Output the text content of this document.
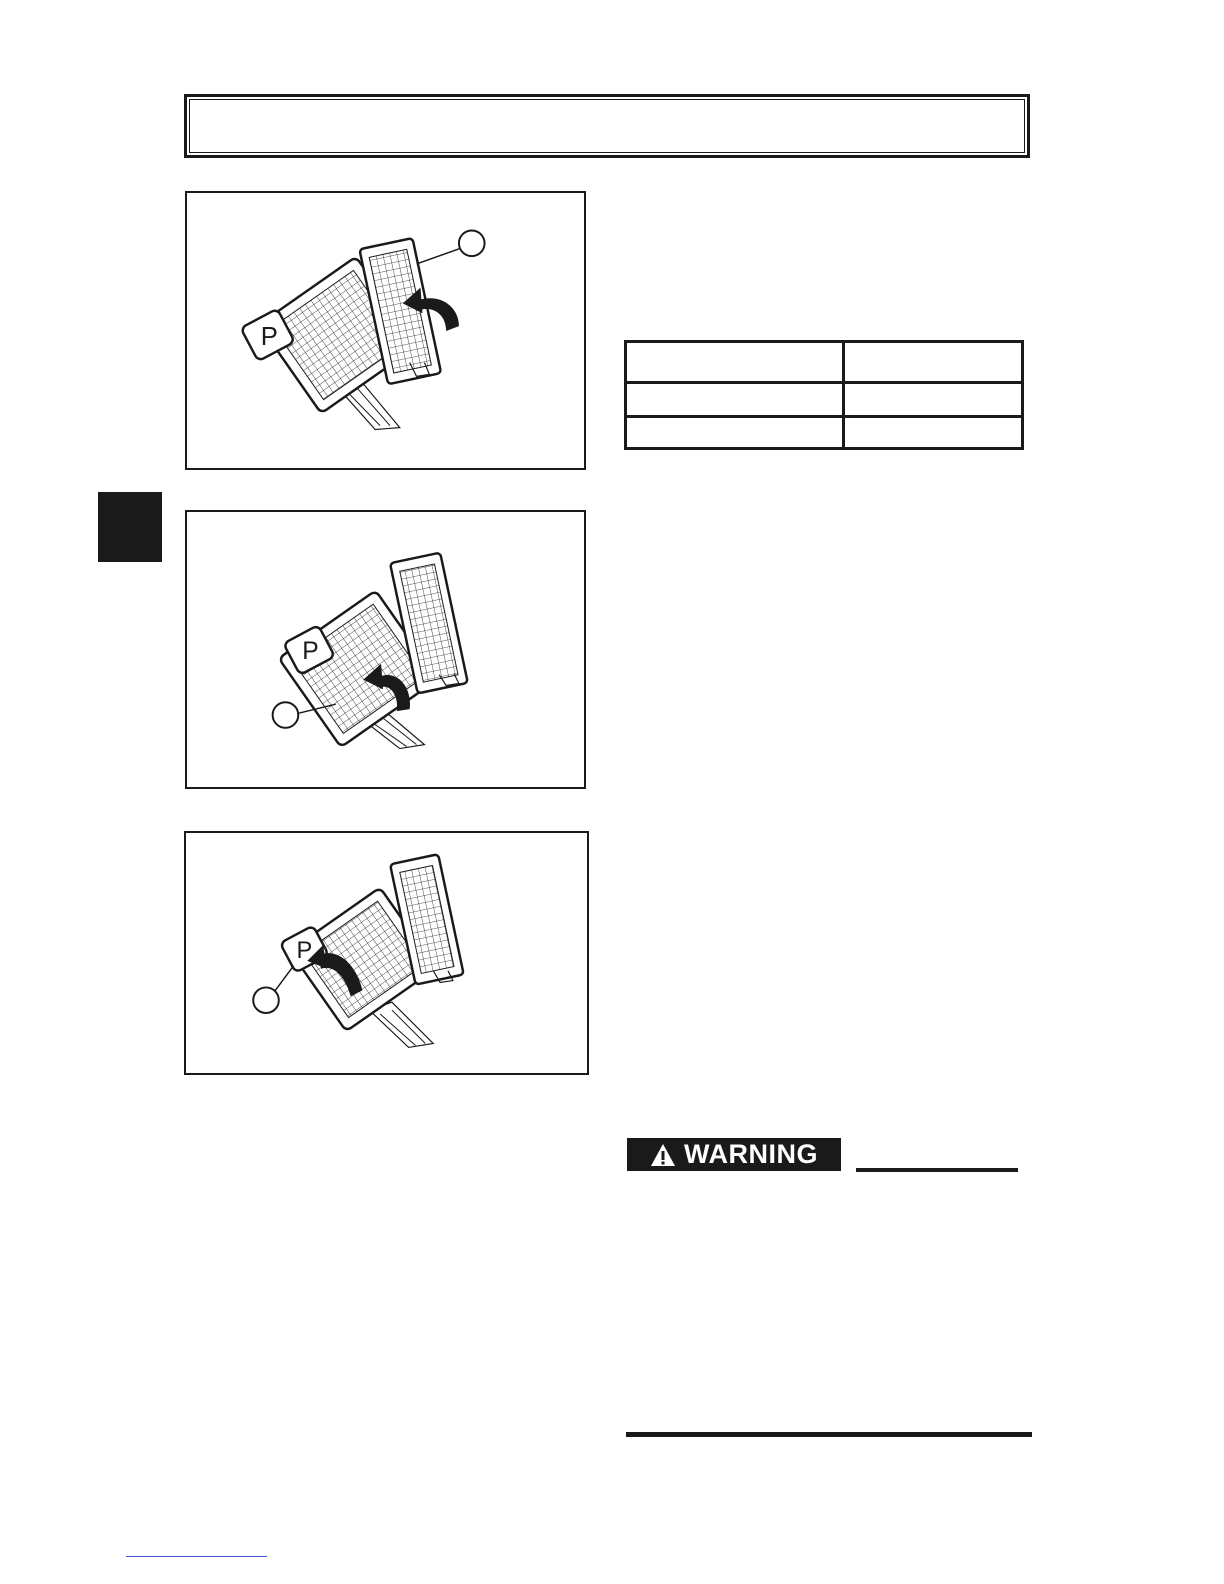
P
P
P

WARNING
